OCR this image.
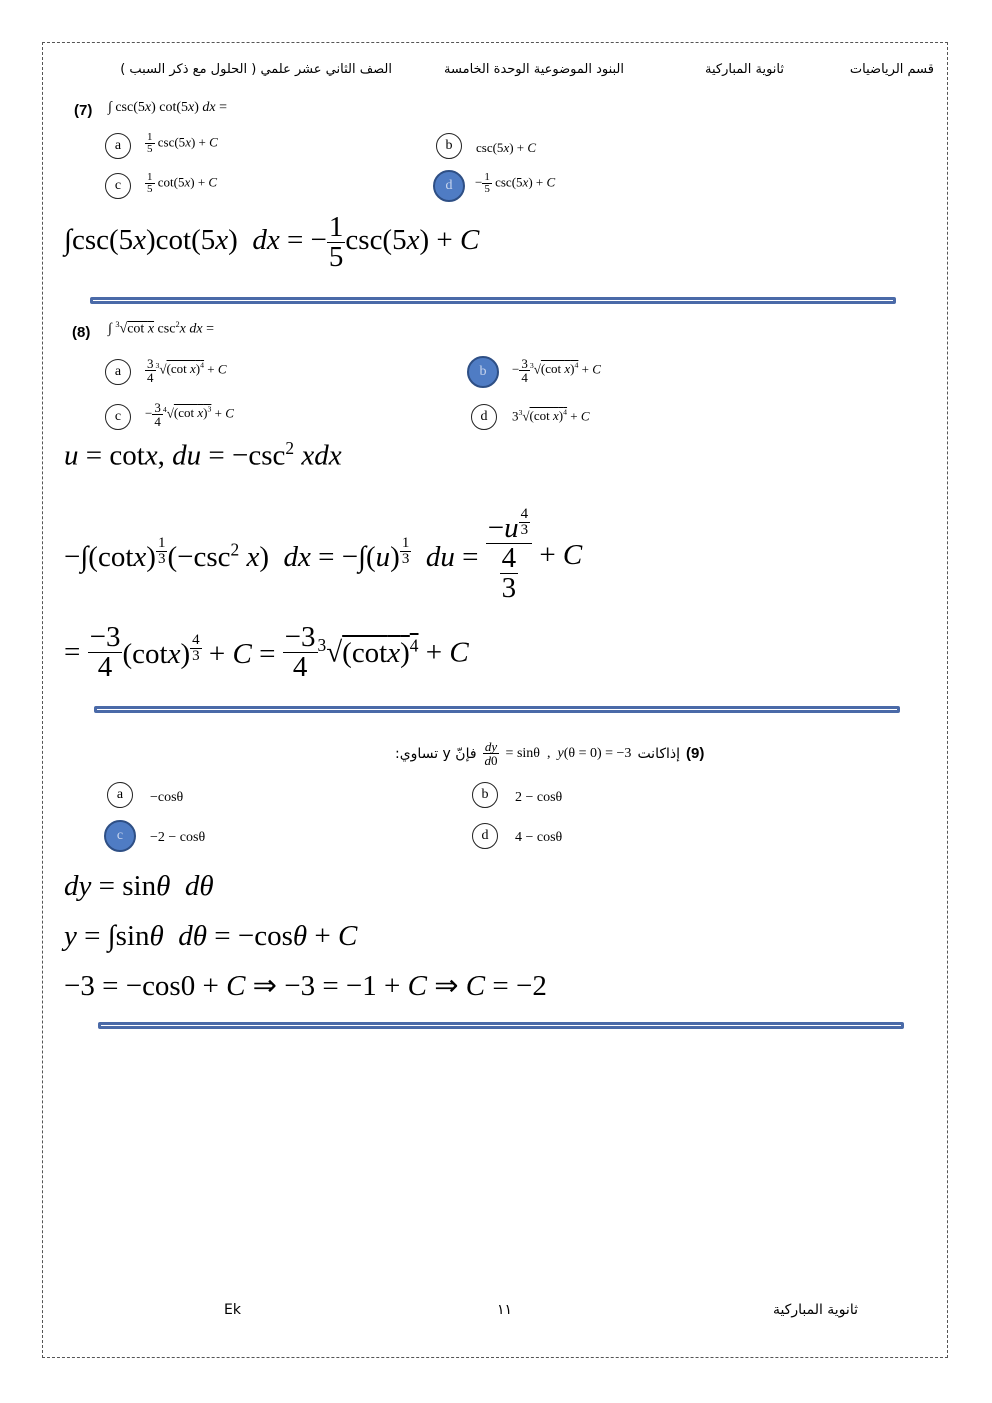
قسم الرياضيات
ثانوية المباركية
البنود الموضوعية الوحدة الخامسة
الصف الثاني عشر علمي ( الحلول مع ذكر السبب )
(7) ∫ csc(5x) cot(5x) dx =
a	$\frac{1}{5} \csc(5x) + C$	b	csc(5x) + C
c	$\frac{1}{5} \cot(5x) + C$	d	− $\frac{1}{5} \csc(5x) + C$
∫csc(5x)cot(5x)  dx = − $\frac{1}{5} \csc(5x) + C$
(8) ∫ $^3$√cot x $\csc^2x$ dx =
a	$\frac{3}{4} ^3√(\cot$ x)$^4$ + C	b	− $\frac{3}{4} ^3√(\cot$ x)$^4$ + C
c	− $\frac{3}{4} ^4√(\cot$ x)$^3$ + C	d	$3^3√(\cot$ x)$^4$ + C
u = cotx, du = $-\csc^2$ xdx
−∫(cotx) $^{\frac{1}{3}}$ ($-\csc^2$ x)  dx = −∫(u) $^{\frac{1}{3}}$ du = −u $^{\frac{4}{3}}$
$\frac{4}{3} + C$
= $\frac{-3}{4} (\cot x) ^{\frac{4}{3}} + C = \frac{-3}{4} ^3√(\cot x)^4 + C$
فإنّ y تساوي: $\frac{dy}{d0} = \sin\theta$  ,  y(θ = 0) = −3 إذاكانت (9)
a	−cosθ	b	2 − cosθ
c	−2 − cosθ	d	4 − cosθ
dy = sinθ dθ
y = ∫sinθ dθ = −cosθ + C
−3 = −cos0 + C ⇒ −3 = −1 + C ⇒ C = −2
Ek	١١	ثانوية المباركية
